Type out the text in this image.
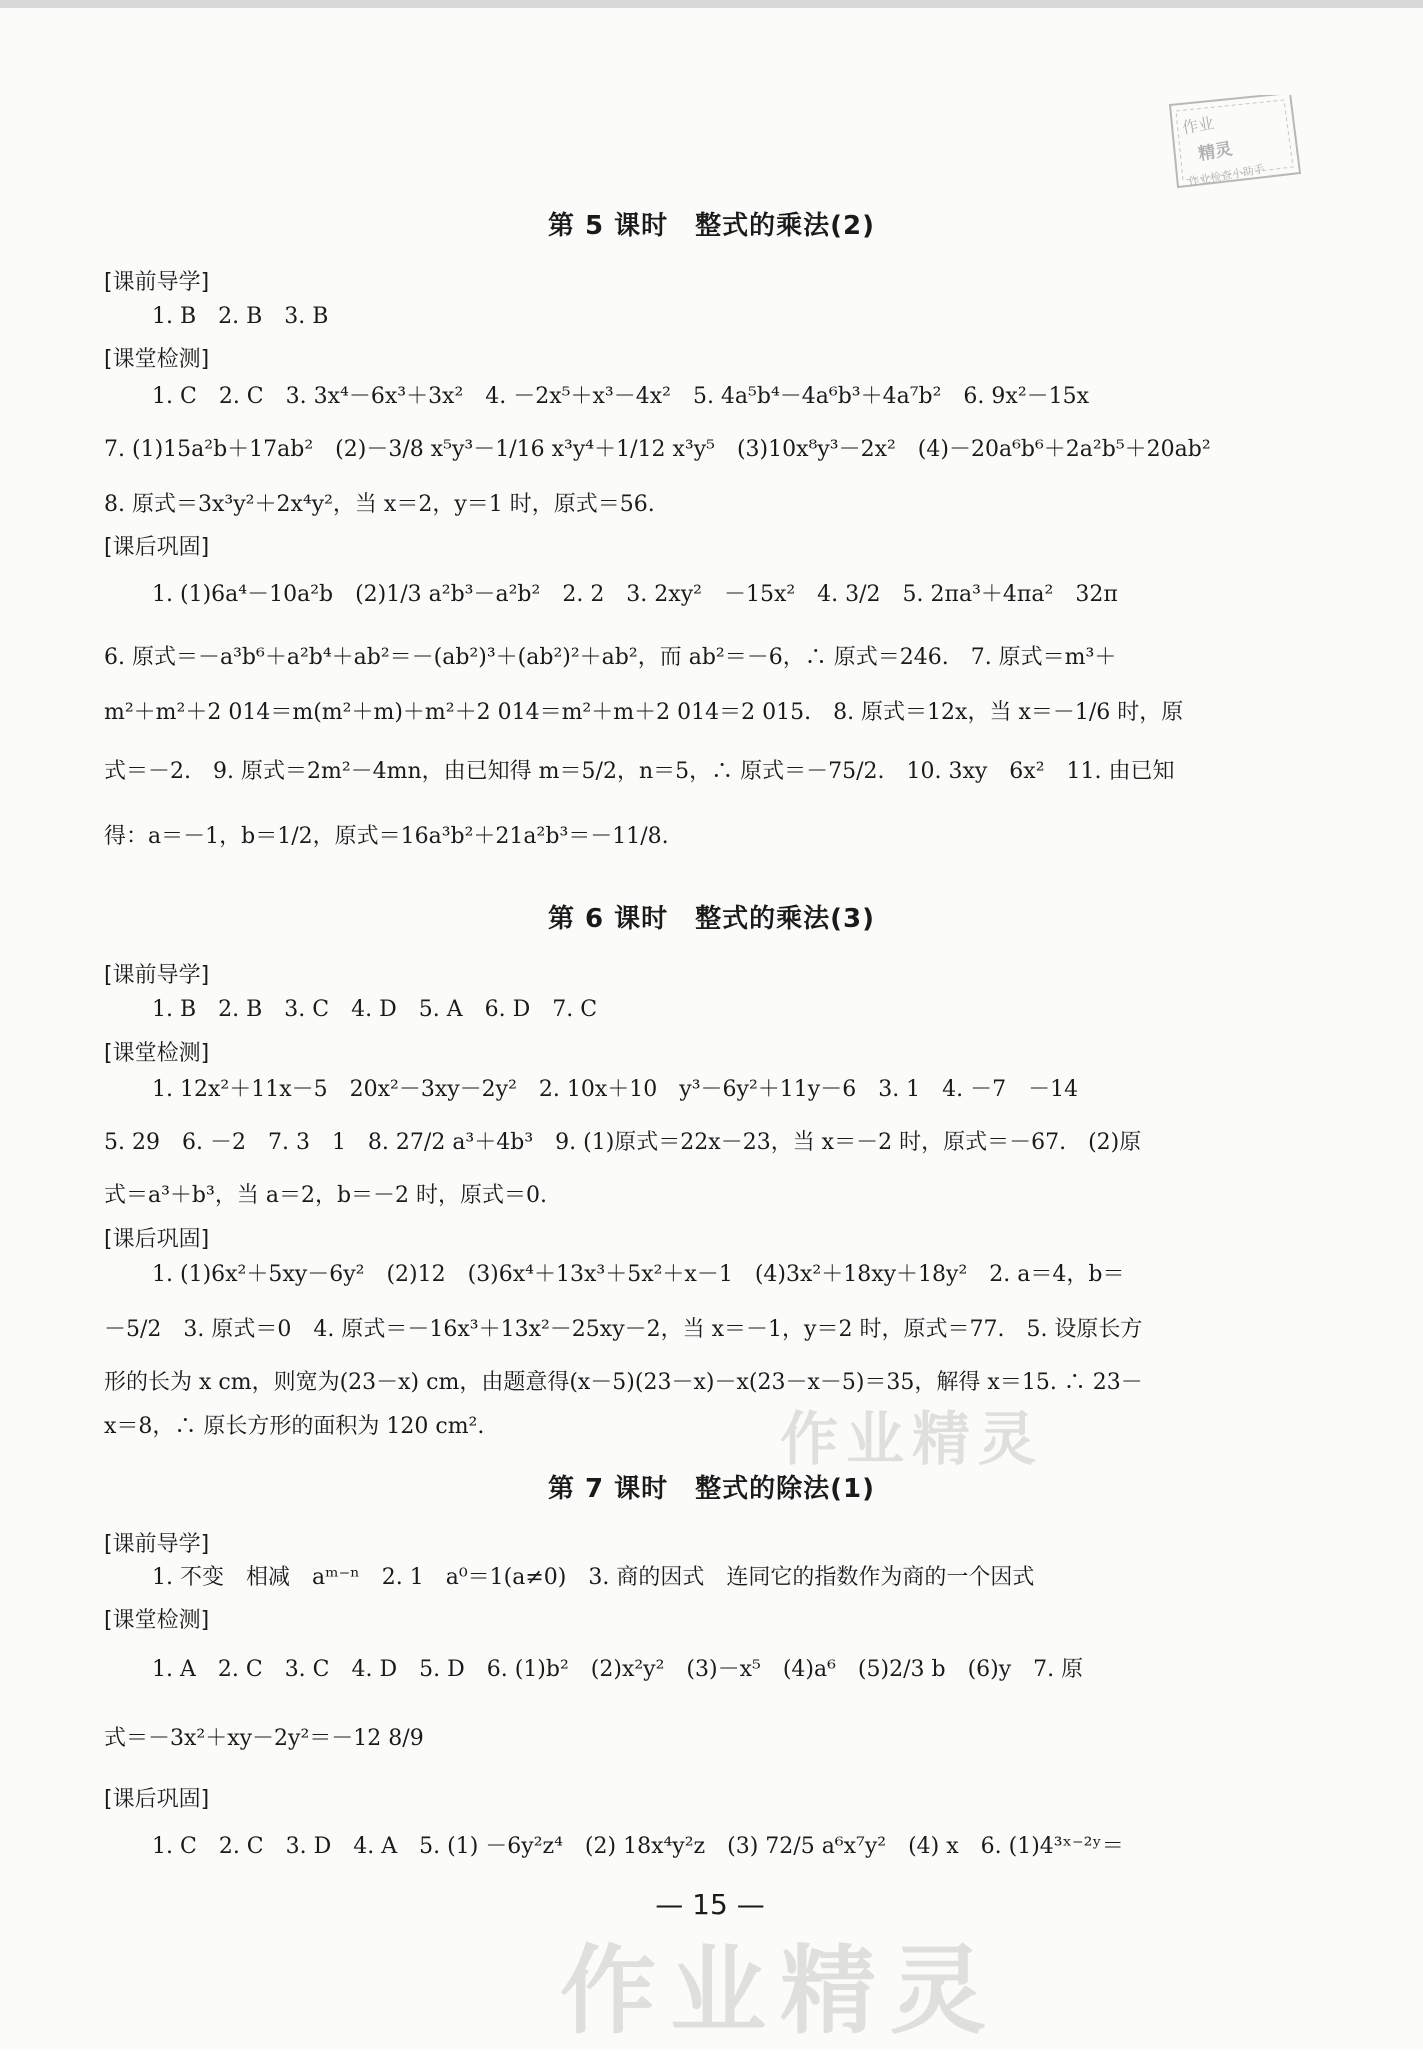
作业
精灵
作业检查小助手
第 5 课时　整式的乘法(2)
[课前导学]
1. B　2. B　3. B
[课堂检测]
1. C　2. C　3. 3x⁴－6x³＋3x²　4. －2x⁵＋x³－4x²　5. 4a⁵b⁴－4a⁶b³＋4a⁷b²　6. 9x²－15x
7. (1)15a²b＋17ab²　(2)－3/8 x⁵y³－1/16 x³y⁴＋1/12 x³y⁵　(3)10x⁸y³－2x²　(4)－20a⁶b⁶＋2a²b⁵＋20ab²
8. 原式＝3x³y²＋2x⁴y²，当 x＝2，y＝1 时，原式＝56.
[课后巩固]
1. (1)6a⁴－10a²b　(2)1/3 a²b³－a²b²　2. 2　3. 2xy²　－15x²　4. 3/2　5. 2πa³＋4πa²　32π
6. 原式＝－a³b⁶＋a²b⁴＋ab²＝－(ab²)³＋(ab²)²＋ab²，而 ab²＝－6，∴ 原式＝246.　7. 原式＝m³＋
m²＋m²＋2 014＝m(m²＋m)＋m²＋2 014＝m²＋m＋2 014＝2 015.　8. 原式＝12x，当 x＝－1/6 时，原
式＝－2.　9. 原式＝2m²－4mn，由已知得 m＝5/2，n＝5，∴ 原式＝－75/2.　10. 3xy　6x²　11. 由已知
得：a＝－1，b＝1/2，原式＝16a³b²＋21a²b³＝－11/8.
第 6 课时　整式的乘法(3)
[课前导学]
1. B　2. B　3. C　4. D　5. A　6. D　7. C
[课堂检测]
1. 12x²＋11x－5　20x²－3xy－2y²　2. 10x＋10　y³－6y²＋11y－6　3. 1　4. －7　－14
5. 29　6. －2　7. 3　1　8. 27/2 a³＋4b³　9. (1)原式＝22x－23，当 x＝－2 时，原式＝－67.　(2)原
式＝a³＋b³，当 a＝2，b＝－2 时，原式＝0.
[课后巩固]
1. (1)6x²＋5xy－6y²　(2)12　(3)6x⁴＋13x³＋5x²＋x－1　(4)3x²＋18xy＋18y²　2. a＝4，b＝
－5/2　3. 原式＝0　4. 原式＝－16x³＋13x²－25xy－2，当 x＝－1，y＝2 时，原式＝77.　5. 设原长方
形的长为 x cm，则宽为(23－x) cm，由题意得(x－5)(23－x)－x(23－x－5)＝35，解得 x＝15. ∴ 23－
x＝8，∴ 原长方形的面积为 120 cm².
第 7 课时　整式的除法(1)
[课前导学]
1. 不变　相减　aᵐ⁻ⁿ　2. 1　a⁰＝1(a≠0)　3. 商的因式　连同它的指数作为商的一个因式
[课堂检测]
1. A　2. C　3. C　4. D　5. D　6. (1)b²　(2)x²y²　(3)－x⁵　(4)a⁶　(5)2/3 b　(6)y　7. 原
式＝－3x²＋xy－2y²＝－12 8/9
[课后巩固]
1. C　2. C　3. D　4. A　5. (1) －6y²z⁴　(2) 18x⁴y²z　(3) 72/5 a⁶x⁷y²　(4) x　6. (1)4³ˣ⁻²ʸ＝
作业精灵
作业精灵
— 15 —
